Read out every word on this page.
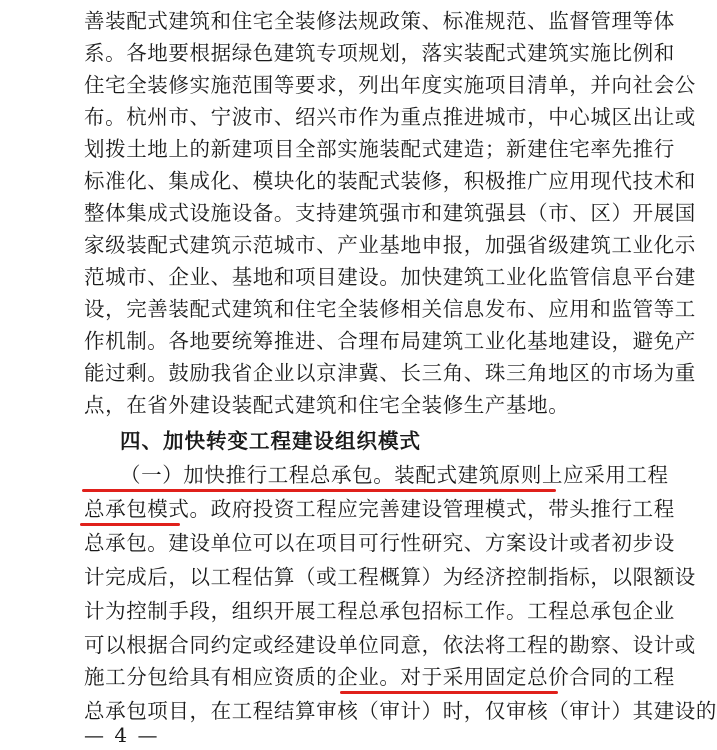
善装配式建筑和住宅全装修法规政策、标准规范、监督管理等体
系。各地要根据绿色建筑专项规划，落实装配式建筑实施比例和
住宅全装修实施范围等要求，列出年度实施项目清单，并向社会公
布。杭州市、宁波市、绍兴市作为重点推进城市，中心城区出让或
划拨土地上的新建项目全部实施装配式建造；新建住宅率先推行
标准化、集成化、模块化的装配式装修，积极推广应用现代技术和
整体集成式设施设备。支持建筑强市和建筑强县（市、区）开展国
家级装配式建筑示范城市、产业基地申报，加强省级建筑工业化示
范城市、企业、基地和项目建设。加快建筑工业化监管信息平台建
设，完善装配式建筑和住宅全装修相关信息发布、应用和监管等工
作机制。各地要统筹推进、合理布局建筑工业化基地建设，避免产
能过剩。鼓励我省企业以京津冀、长三角、珠三角地区的市场为重
点，在省外建设装配式建筑和住宅全装修生产基地。
四、加快转变工程建设组织模式
（一）加快推行工程总承包。装配式建筑原则上应采用工程
总承包模式。政府投资工程应完善建设管理模式，带头推行工程
总承包。建设单位可以在项目可行性研究、方案设计或者初步设
计完成后，以工程估算（或工程概算）为经济控制指标，以限额设
计为控制手段，组织开展工程总承包招标工作。工程总承包企业
可以根据合同约定或经建设单位同意，依法将工程的勘察、设计或
施工分包给具有相应资质的企业。对于采用固定总价合同的工程
总承包项目，在工程结算审核（审计）时，仅审核（审计）其建设的
— 4 —
